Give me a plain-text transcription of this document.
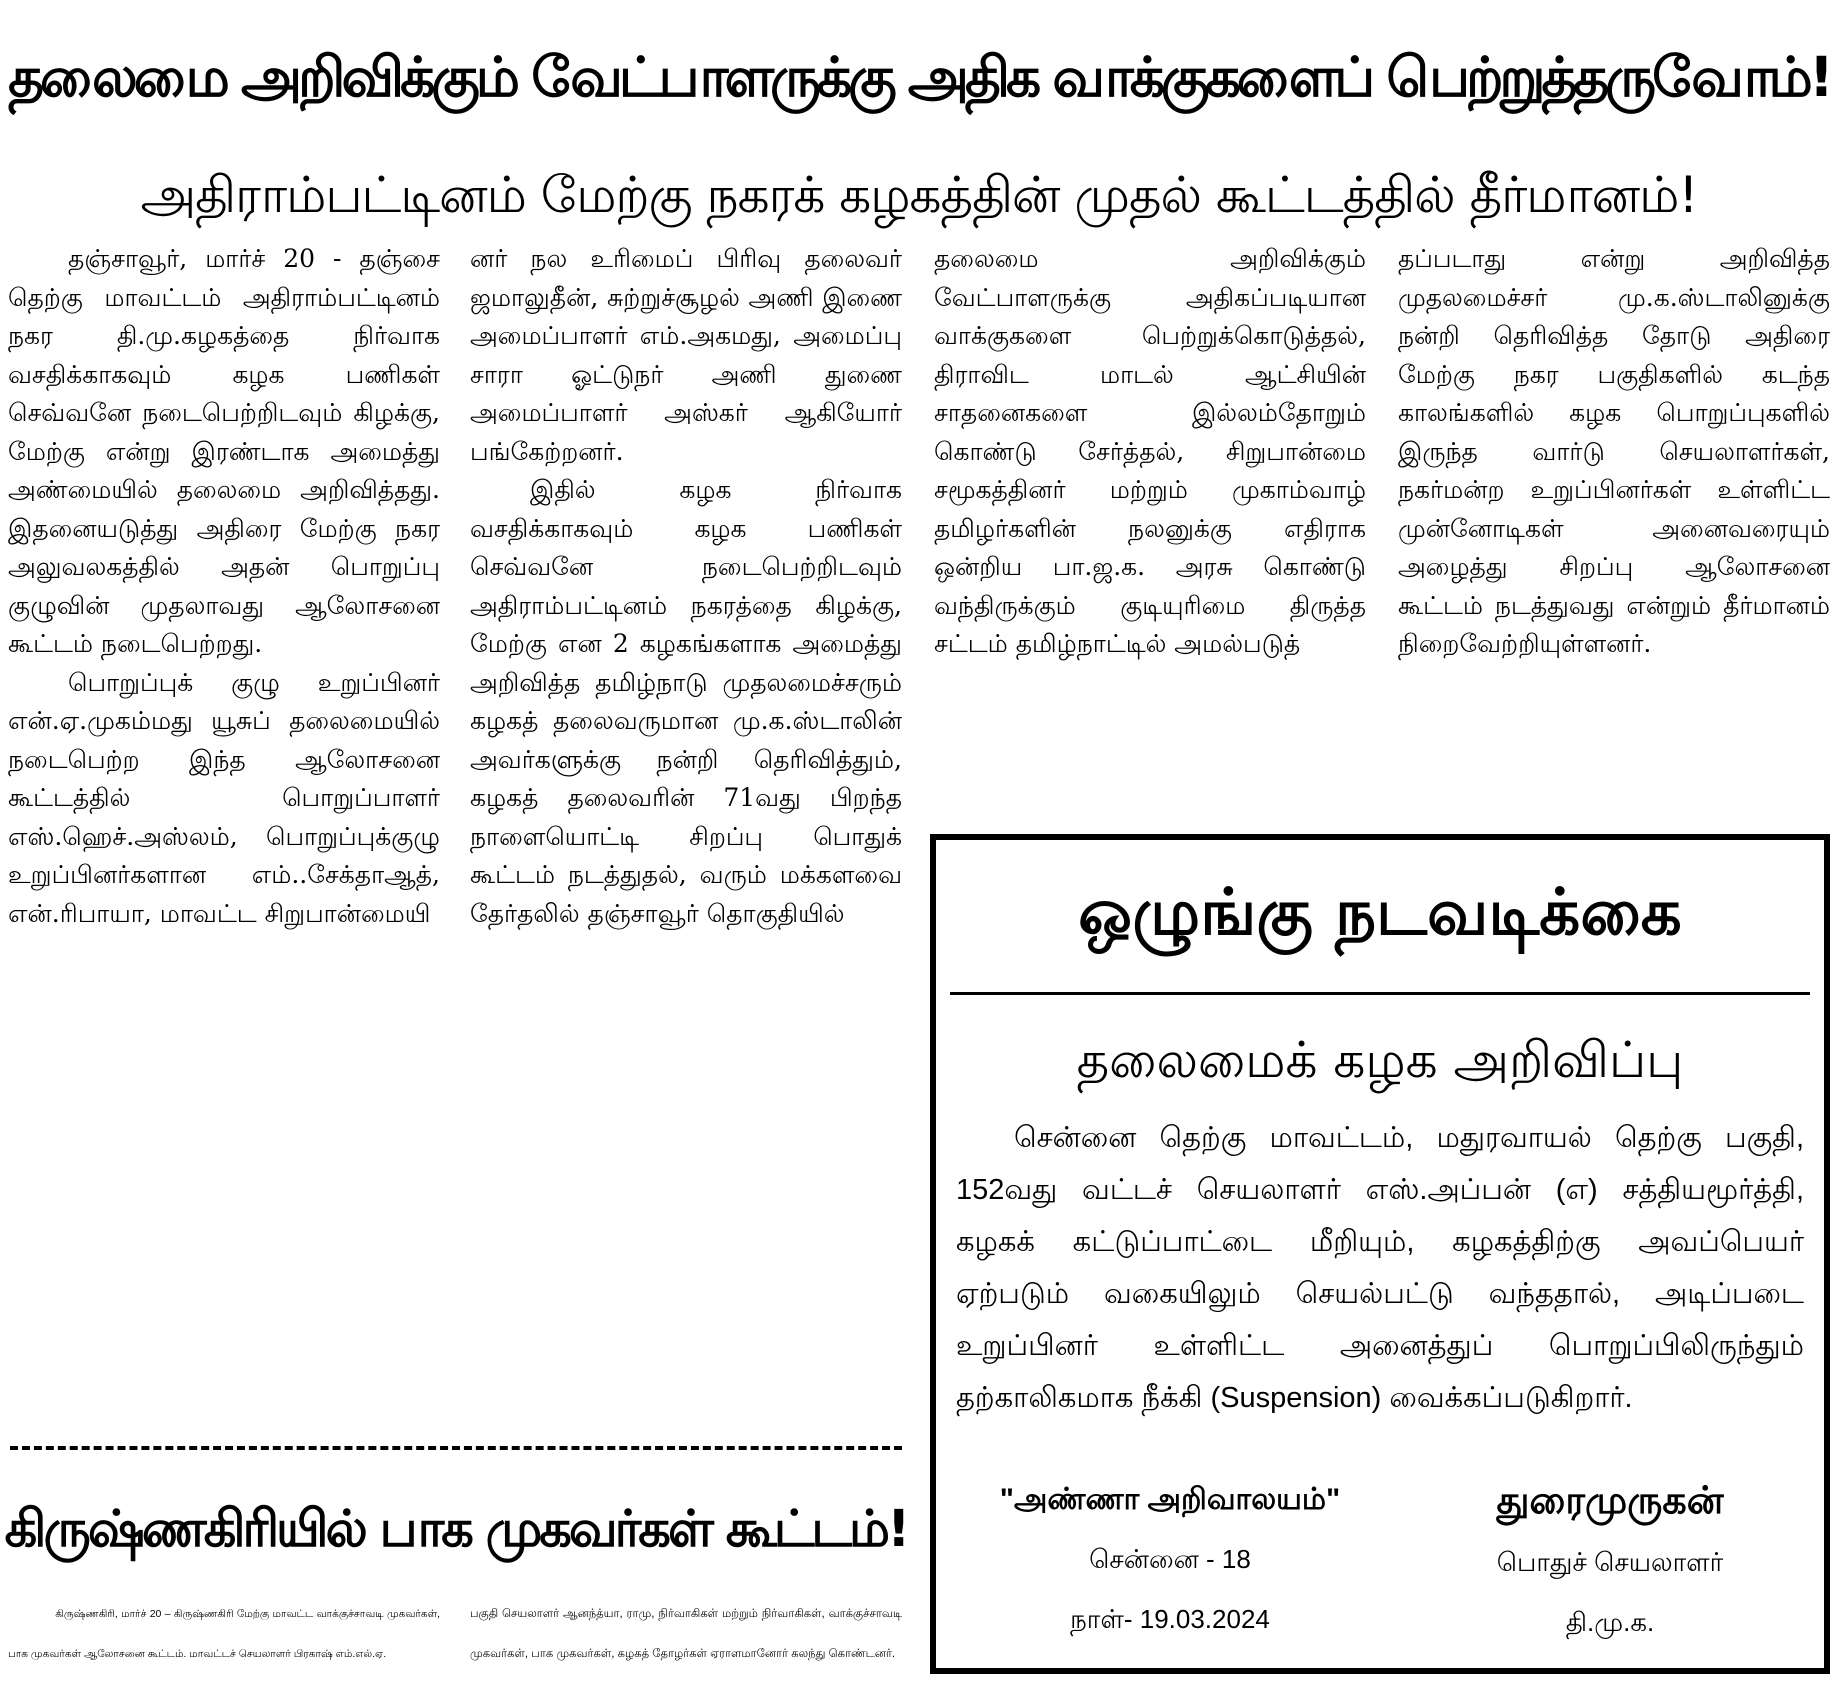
தலைமை அறிவிக்கும் வேட்பாளருக்கு அதிக வாக்குகளைப் பெற்றுத்தருவோம்!
அதிராம்பட்டினம் மேற்கு நகரக் கழகத்தின் முதல் கூட்டத்தில் தீர்மானம்!

தஞ்சாவூர், மார்ச் 20 - தஞ்சை தெற்கு மாவட்டம் அதிராம்பட்டினம் நகர தி.மு.கழகத்தை நிர்வாக வசதிக்காகவும் கழக பணிகள் செவ்வனே நடைபெற்றிடவும் கிழக்கு, மேற்கு என்று இரண்டாக அமைத்து அண்மையில் தலைமை அறிவித்தது. இதனையடுத்து அதிரை மேற்கு நகர அலுவலகத்தில் அதன் பொறுப்பு குழுவின் முதலாவது ஆலோசனை கூட்டம் நடைபெற்றது.

பொறுப்புக் குழு உறுப்பினர் என்.ஏ.முகம்மது யூசுப் தலைமையில் நடைபெற்ற இந்த ஆலோசனை கூட்டத்தில் பொறுப்பாளர் எஸ்.ஹெச்.அஸ்லம், பொறுப்புக்குழு உறுப்பினர்களான எம்..சேக்தாஆத், என்.ரிபாயா, மாவட்ட சிறுபான்மையி

னர் நல உரிமைப் பிரிவு தலைவர் ஜமாலுதீன், சுற்றுச்சூழல் அணி இணை அமைப்பாளர் எம்.அகமது, அமைப்பு சாரா ஓட்டுநர் அணி துணை அமைப்பாளர் அஸ்கர் ஆகியோர் பங்கேற்றனர்.

இதில் கழக நிர்வாக வசதிக்காகவும் கழக பணிகள் செவ்வனே நடைபெற்றிடவும் அதிராம்பட்டினம் நகரத்தை கிழக்கு, மேற்கு என 2 கழகங்களாக அமைத்து அறிவித்த தமிழ்நாடு முதலமைச்சரும் கழகத் தலைவருமான மு.க.ஸ்டாலின் அவர்களுக்கு நன்றி தெரிவித்தும், கழகத் தலைவரின் 71வது பிறந்த நாளையொட்டி சிறப்பு பொதுக் கூட்டம் நடத்துதல், வரும் மக்களவை தேர்தலில் தஞ்சாவூர் தொகுதியில்

தலைமை அறிவிக்கும் வேட்பாளருக்கு அதிகப்படியான வாக்குகளை பெற்றுக்கொடுத்தல், திராவிட மாடல் ஆட்சியின் சாதனைகளை இல்லம்தோறும் கொண்டு சேர்த்தல், சிறுபான்மை சமூகத்தினர் மற்றும் முகாம்வாழ் தமிழர்களின் நலனுக்கு எதிராக ஒன்றிய பா.ஜ.க. அரசு கொண்டு வந்திருக்கும் குடியுரிமை திருத்த சட்டம் தமிழ்நாட்டில் அமல்படுத்

தப்படாது என்று அறிவித்த முதலமைச்சர் மு.க.ஸ்டாலினுக்கு நன்றி தெரிவித்த தோடு அதிரை மேற்கு நகர பகுதிகளில் கடந்த காலங்களில் கழக பொறுப்புகளில் இருந்த வார்டு செயலாளர்கள், நகர்மன்ற உறுப்பினர்கள் உள்ளிட்ட முன்னோடிகள் அனைவரையும் அழைத்து சிறப்பு ஆலோசனை கூட்டம் நடத்துவது என்றும் தீர்மானம் நிறைவேற்றியுள்ளனர்.

கிருஷ்ணகிரியில் பாக முகவர்கள் கூட்டம்!

கிருஷ்ணகிரி, மார்ச் 20 – கிருஷ்ணகிரி மேற்கு மாவட்ட வாக்குச்சாவடி முகவர்கள், பாக முகவர்கள் ஆலோசனை கூட்டம். மாவட்டச் செயலாளர் பிரகாஷ் எம்.எல்.ஏ.

பகுதி செயலாளர் ஆனந்த்யா, ராமு, நிர்வாகிகள் மற்றும் நிர்வாகிகள், வாக்குச்சாவடி முகவர்கள், பாக முகவர்கள், கழகத் தோழர்கள் ஏராளமானோர் கலந்து கொண்டனர்.

ஒழுங்கு நடவடிக்கை
தலைமைக் கழக அறிவிப்பு
சென்னை தெற்கு மாவட்டம், மதுரவாயல் தெற்கு பகுதி, 152வது வட்டச் செயலாளர் எஸ்.அப்பன் (எ) சத்தியமூர்த்தி, கழகக் கட்டுப்பாட்டை மீறியும், கழகத்திற்கு அவப்பெயர் ஏற்படும் வகையிலும் செயல்பட்டு வந்ததால், அடிப்படை உறுப்பினர் உள்ளிட்ட அனைத்துப் பொறுப்பிலிருந்தும் தற்காலிகமாக நீக்கி (Suspension) வைக்கப்படுகிறார்.
"அண்ணா அறிவாலயம்"
சென்னை - 18
நாள்- 19.03.2024
துரைமுருகன்
பொதுச் செயலாளர்
தி.மு.க.
